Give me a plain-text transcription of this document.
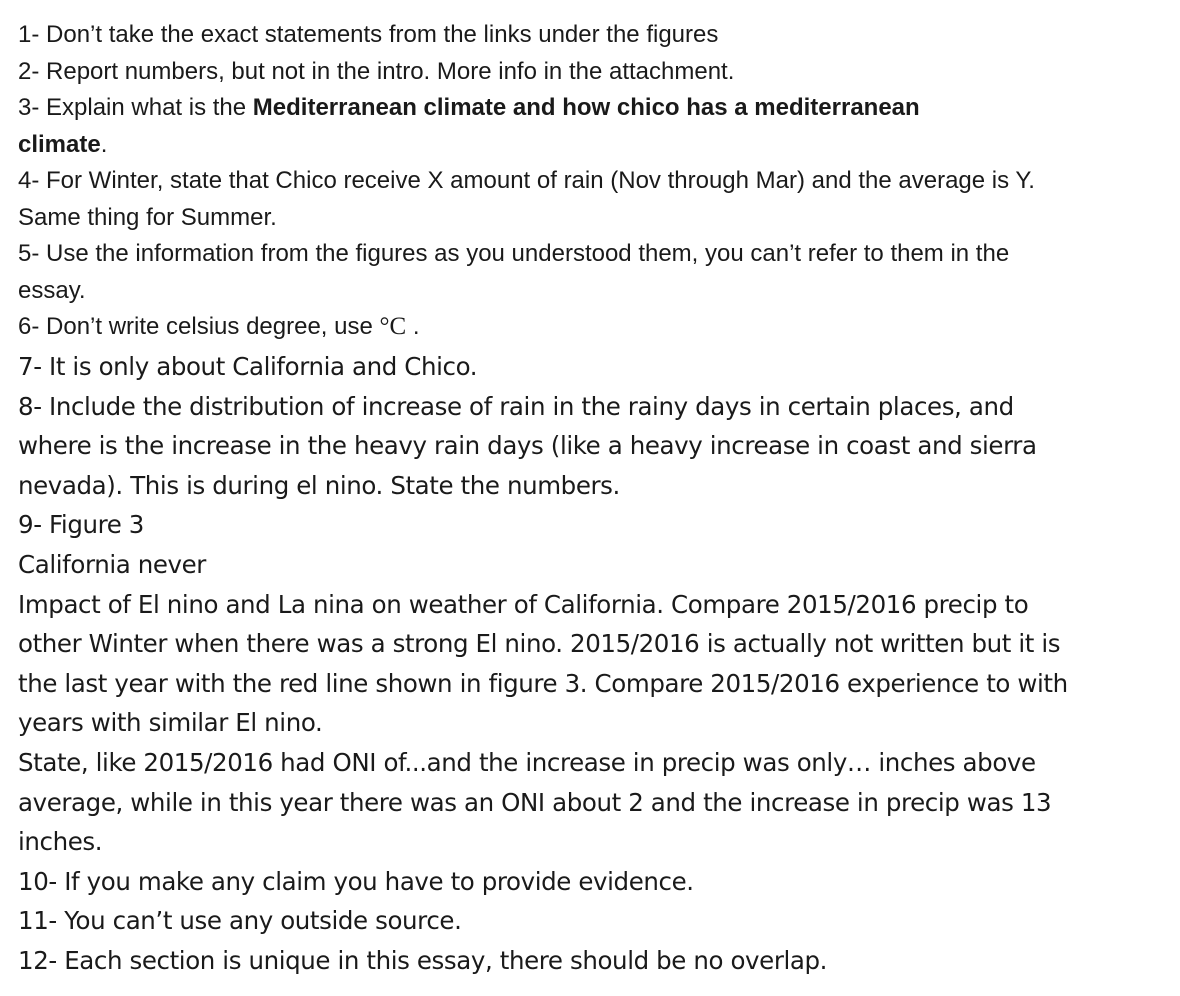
1- Don’t take the exact statements from the links under the figures
2- Report numbers, but not in the intro. More info in the attachment.
3- Explain what is the Mediterranean climate and how chico has a mediterranean
climate.
4- For Winter, state that Chico receive X amount of rain (Nov through Mar) and the average is Y.
Same thing for Summer.
5- Use the information from the figures as you understood them, you can’t refer to them in the
essay.
6- Don’t write celsius degree, use °C .
7- It is only about California and Chico.
8- Include the distribution of increase of rain in the rainy days in certain places, and
where is the increase in the heavy rain days (like a heavy increase in coast and sierra
nevada). This is during el nino. State the numbers.
9- Figure 3
California never
Impact of El nino and La nina on weather of California. Compare 2015/2016 precip to
other Winter when there was a strong El nino. 2015/2016 is actually not written but it is
the last year with the red line shown in figure 3. Compare 2015/2016 experience to with
years with similar El nino.
State, like 2015/2016 had ONI of...and the increase in precip was only… inches above
average, while in this year there was an ONI about 2 and the increase in precip was 13
inches.
10- If you make any claim you have to provide evidence.
11- You can’t use any outside source.
12- Each section is unique in this essay, there should be no overlap.
